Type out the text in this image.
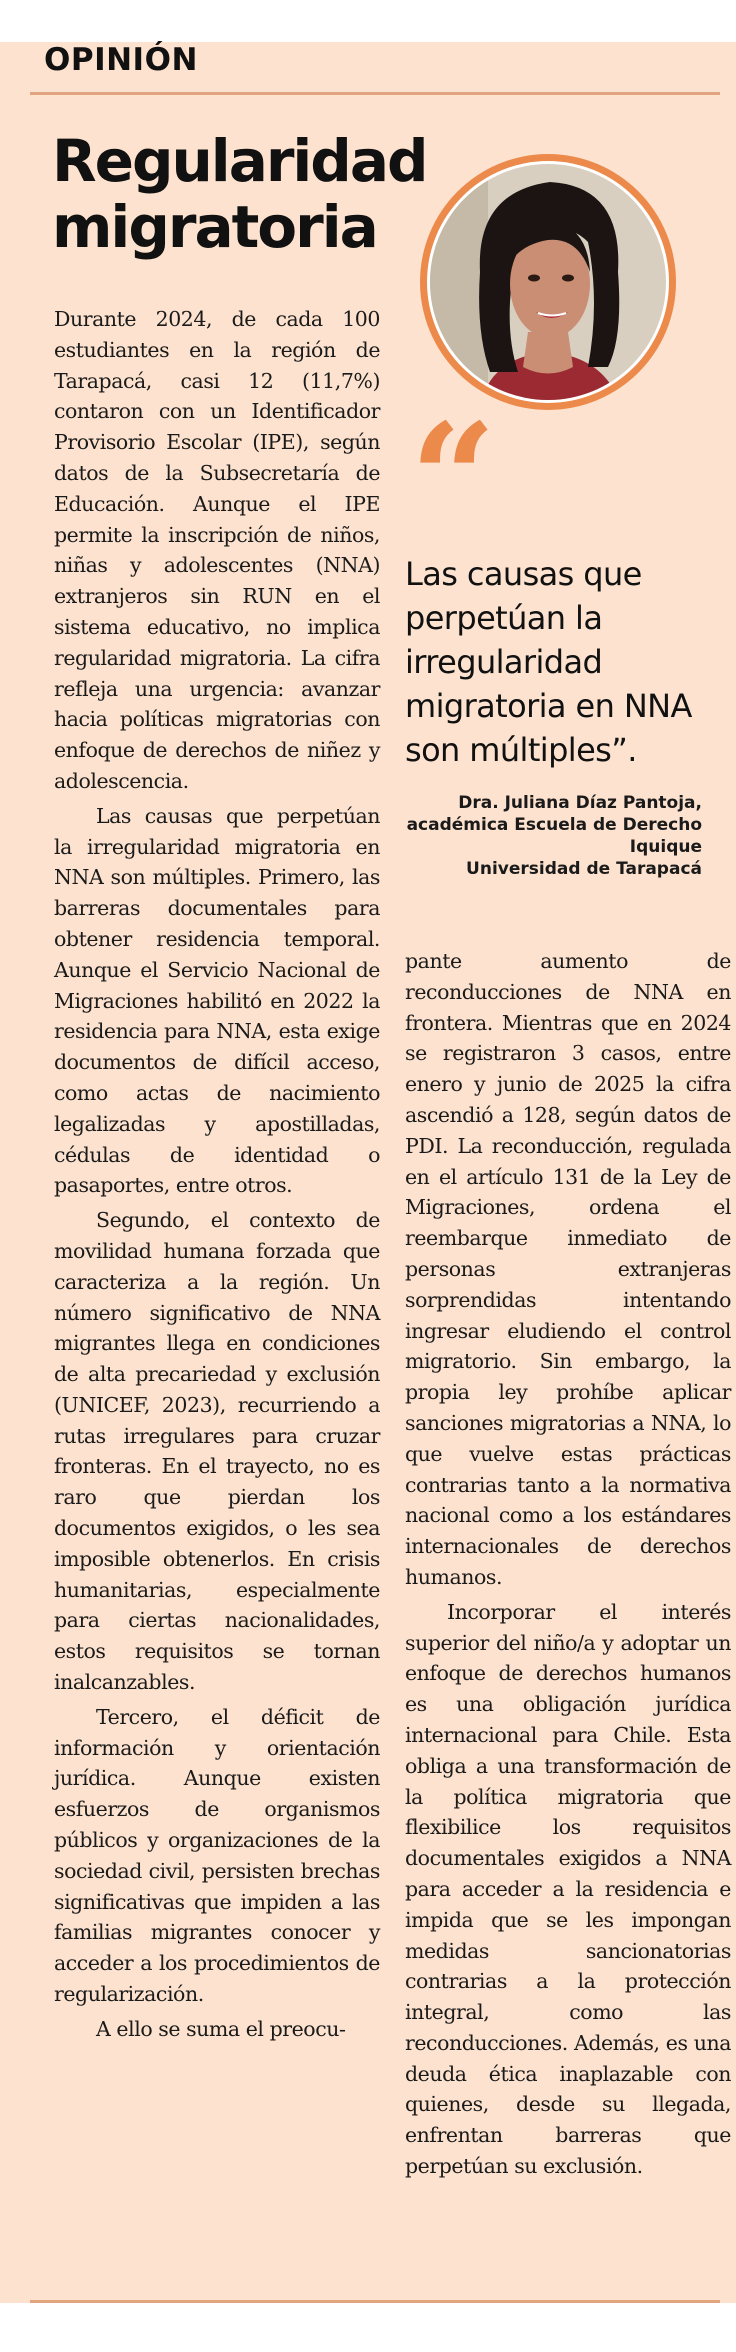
OPINIÓN
Regularidad migratoria
“
Las causas que perpetúan la irregularidad migratoria en NNA son múltiples”.
Dra. Juliana Díaz Pantoja,
académica Escuela de Derecho Iquique
Universidad de Tarapacá

Durante 2024, de cada 100 estudiantes en la región de Tarapacá, casi 12 (11,7%) contaron con un Identificador Provisorio Escolar (IPE), según datos de la Subsecretaría de Educación. Aunque el IPE permite la inscripción de niños, niñas y adolescentes (NNA) extranjeros sin RUN en el sistema educativo, no implica regularidad migratoria. La cifra refleja una urgencia: avanzar hacia políticas migratorias con enfoque de derechos de niñez y adolescencia.

Las causas que perpetúan la irregularidad migratoria en NNA son múltiples. Primero, las barreras documentales para obtener residencia temporal. Aunque el Servicio Nacional de Migraciones habilitó en 2022 la residencia para NNA, esta exige documentos de difícil acceso, como actas de nacimiento legalizadas y apostilladas, cédulas de identidad o pasaportes, entre otros.

Segundo, el contexto de movilidad humana forzada que caracteriza a la región. Un número significativo de NNA migrantes llega en condiciones de alta precariedad y exclusión (UNICEF, 2023), recurriendo a rutas irregulares para cruzar fronteras. En el trayecto, no es raro que pierdan los documentos exigidos, o les sea imposible obtenerlos. En crisis humanitarias, especialmente para ciertas nacionalidades, estos requisitos se tornan inalcanzables.

Tercero, el déficit de información y orientación jurídica. Aunque existen esfuerzos de organismos públicos y organizaciones de la sociedad civil, persisten brechas significativas que impiden a las familias migrantes conocer y acceder a los procedimientos de regularización.

A ello se suma el preocu-

pante aumento de reconducciones de NNA en frontera. Mientras que en 2024 se registraron 3 casos, entre enero y junio de 2025 la cifra ascendió a 128, según datos de PDI. La reconducción, regulada en el artículo 131 de la Ley de Migraciones, ordena el reembarque inmediato de personas extranjeras sorprendidas intentando ingresar eludiendo el control migratorio. Sin embargo, la propia ley prohíbe aplicar sanciones migratorias a NNA, lo que vuelve estas prácticas contrarias tanto a la normativa nacional como a los estándares internacionales de derechos humanos.

Incorporar el interés superior del niño/a y adoptar un enfoque de derechos humanos es una obligación jurídica internacional para Chile. Esta obliga a una transformación de la política migratoria que flexibilice los requisitos documentales exigidos a NNA para acceder a la residencia e impida que se les impongan medidas sancionatorias contrarias a la protección integral, como las reconducciones. Además, es una deuda ética inaplazable con quienes, desde su llegada, enfrentan barreras que perpetúan su exclusión.
